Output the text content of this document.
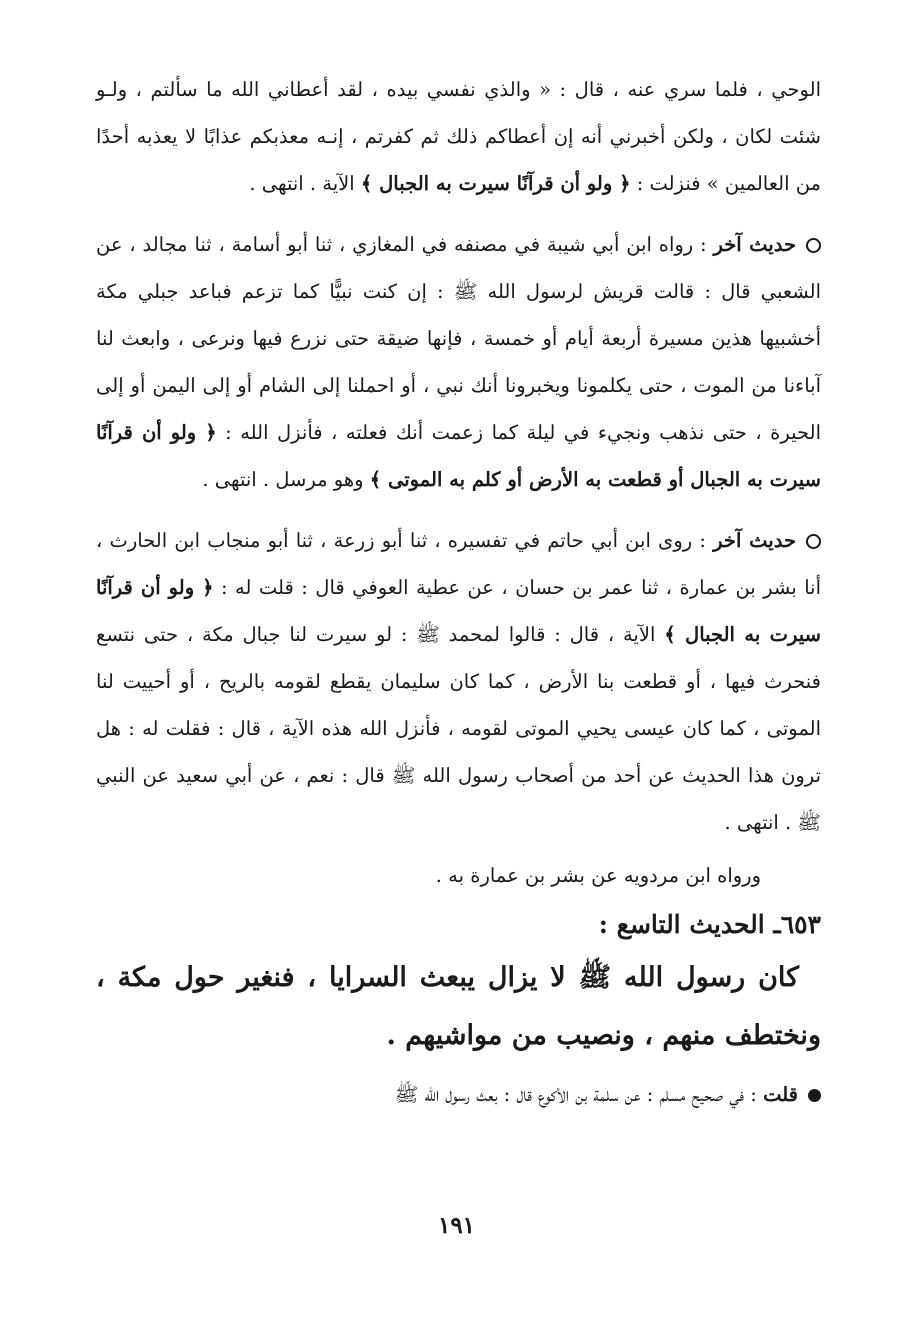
الوحي ، فلما سري عنه ، قال : « والذي نفسي بيده ، لقد أعطاني الله ما سألتم ، ولـو شئت لكان ، ولكن أخبرني أنه إن أعطاكم ذلك ثم كفرتم ، إنـه معذبكم عذابًا لا يعذبه أحدًا من العالمين » فنزلت : ﴿ ولو أن قرآنًا سيرت به الجبال ﴾ الآية . انتهى .

حديث آخر : رواه ابن أبي شيبة في مصنفه في المغازي ، ثنا أبو أسامة ، ثنا مجالد ، عن الشعبي قال : قالت قريش لرسول الله ﷺ : إن كنت نبيًّا كما تزعم فباعد جبلي مكة أخشبيها هذين مسيرة أربعة أيام أو خمسة ، فإنها ضيقة حتى نزرع فيها ونرعى ، وابعث لنا آباءنا من الموت ، حتى يكلمونا ويخبرونا أنك نبي ، أو احملنا إلى الشام أو إلى اليمن أو إلى الحيرة ، حتى نذهب ونجيء في ليلة كما زعمت أنك فعلته ، فأنزل الله : ﴿ ولو أن قرآنًا سيرت به الجبال أو قطعت به الأرض أو كلم به الموتى ﴾ وهو مرسل . انتهى .

حديث آخر : روى ابن أبي حاتم في تفسيره ، ثنا أبو زرعة ، ثنا أبو منجاب ابن الحارث ، أنا بشر بن عمارة ، ثنا عمر بن حسان ، عن عطية العوفي قال : قلت له : ﴿ ولو أن قرآنًا سيرت به الجبال ﴾ الآية ، قال : قالوا لمحمد ﷺ : لو سيرت لنا جبال مكة ، حتى نتسع فنحرث فيها ، أو قطعت بنا الأرض ، كما كان سليمان يقطع لقومه بالريح ، أو أحييت لنا الموتى ، كما كان عيسى يحيي الموتى لقومه ، فأنزل الله هذه الآية ، قال : فقلت له : هل ترون هذا الحديث عن أحد من أصحاب رسول الله ﷺ قال : نعم ، عن أبي سعيد عن النبي ﷺ . انتهى .

ورواه ابن مردويه عن بشر بن عمارة به .

٦٥٣ـ الحديث التاسع :

كان رسول الله ﷺ لا يزال يبعث السرايا ، فنغير حول مكة ، ونختطف منهم ، ونصيب من مواشيهم .

قلت : في صحيح مسلم : عن سلمة بن الأكوع قال : بعث رسول الله ﷺ

١٩١
